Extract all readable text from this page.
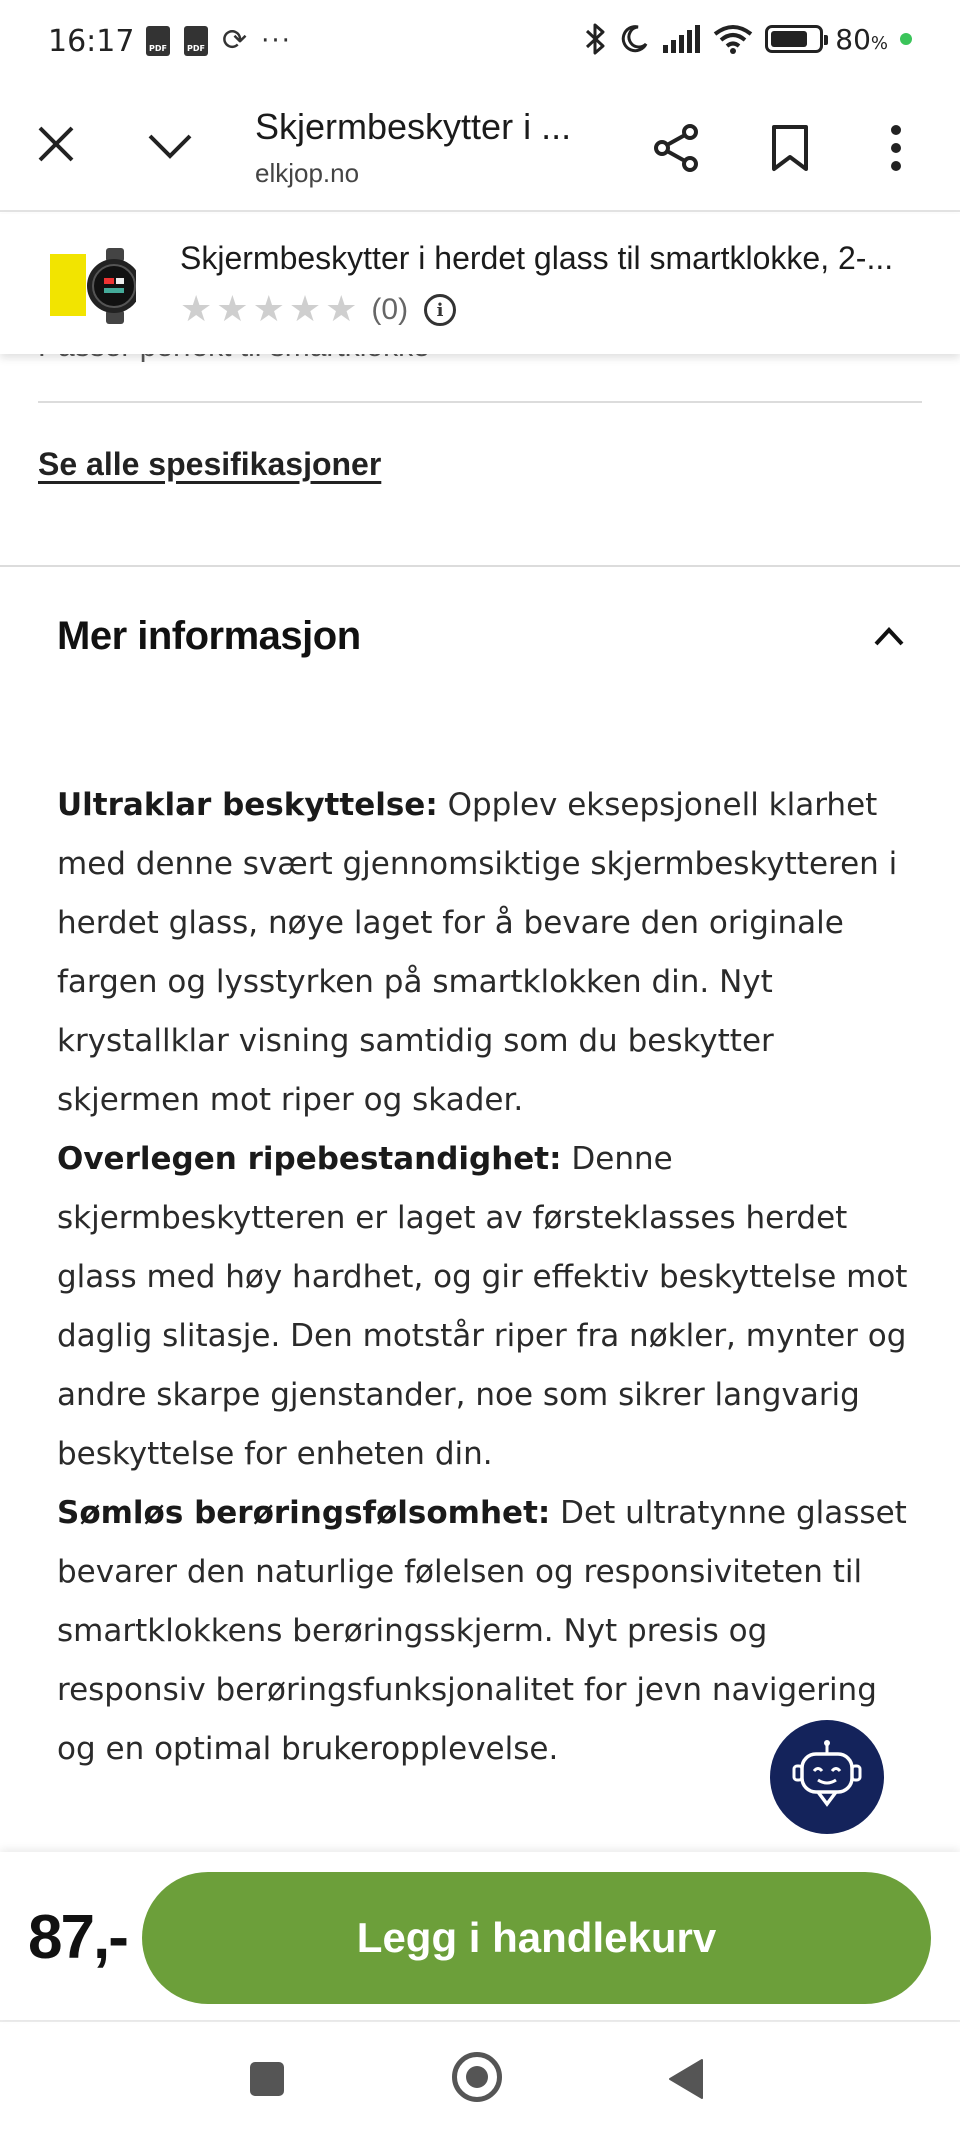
16:17	PDF	PDF ⟳ ···	80%
Skjermbeskytter i ...
elkjop.no
Se alle spesifikasjoner
Skjermbeskytter i herdet glass til smartklokke, 2-...
★ ★ ★ ★ ★ (0)	i
Mer informasjon
Ultraklar beskyttelse: Opplev eksepsjonell klarhet med denne svært gjennomsiktige skjermbeskytteren i herdet glass, nøye laget for å bevare den originale fargen og lysstyrken på smartklokken din. Nyt krystallklar visning samtidig som du beskytter skjermen mot riper og skader.
Overlegen ripebestandighet: Denne skjermbeskytteren er laget av førsteklasses herdet glass med høy hardhet, og gir effektiv beskyttelse mot daglig slitasje. Den motstår riper fra nøkler, mynter og andre skarpe gjenstander, noe som sikrer langvarig beskyttelse for enheten din.
Sømløs berøringsfølsomhet: Det ultratynne glasset bevarer den naturlige følelsen og responsiviteten til smartklokkens berøringsskjerm. Nyt presis og responsiv berøringsfunksjonalitet for jevn navigering og en optimal brukeropplevelse.
87,-	Legg i handlekurv
